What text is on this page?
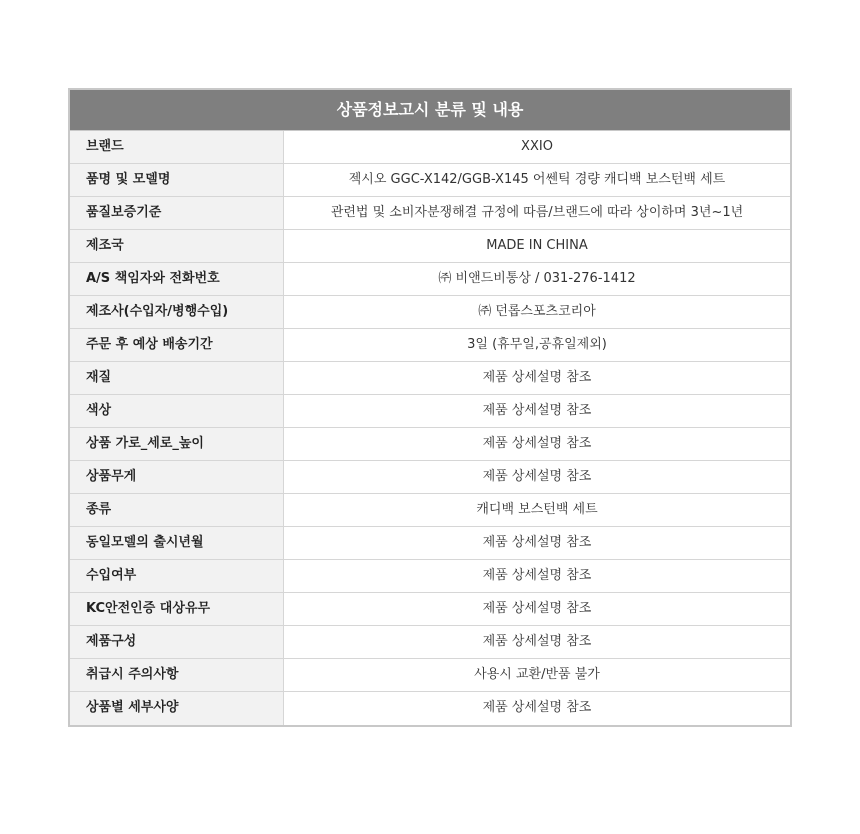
상품정보고시 분류 및 내용
브랜드	XXIO
품명 및 모델명	젝시오 GGC-X142/GGB-X145 어쎈틱 경량 캐디백 보스턴백 세트
품질보증기준	관련법 및 소비자분쟁해결 규정에 따름/브랜드에 따라 상이하며 3년~1년
제조국	MADE IN CHINA
A/S 책임자와 전화번호	㈜ 비앤드비통상 / 031-276-1412
제조사(수입자/병행수입)	㈜ 던롭스포츠코리아
주문 후 예상 배송기간	3일 (휴무일,공휴일제외)
재질	제품 상세설명 참조
색상	제품 상세설명 참조
상품 가로_세로_높이	제품 상세설명 참조
상품무게	제품 상세설명 참조
종류	캐디백 보스턴백 세트
동일모델의 출시년월	제품 상세설명 참조
수입여부	제품 상세설명 참조
KC안전인증 대상유무	제품 상세설명 참조
제품구성	제품 상세설명 참조
취급시 주의사항	사용시 교환/반품 불가
상품별 세부사양	제품 상세설명 참조
